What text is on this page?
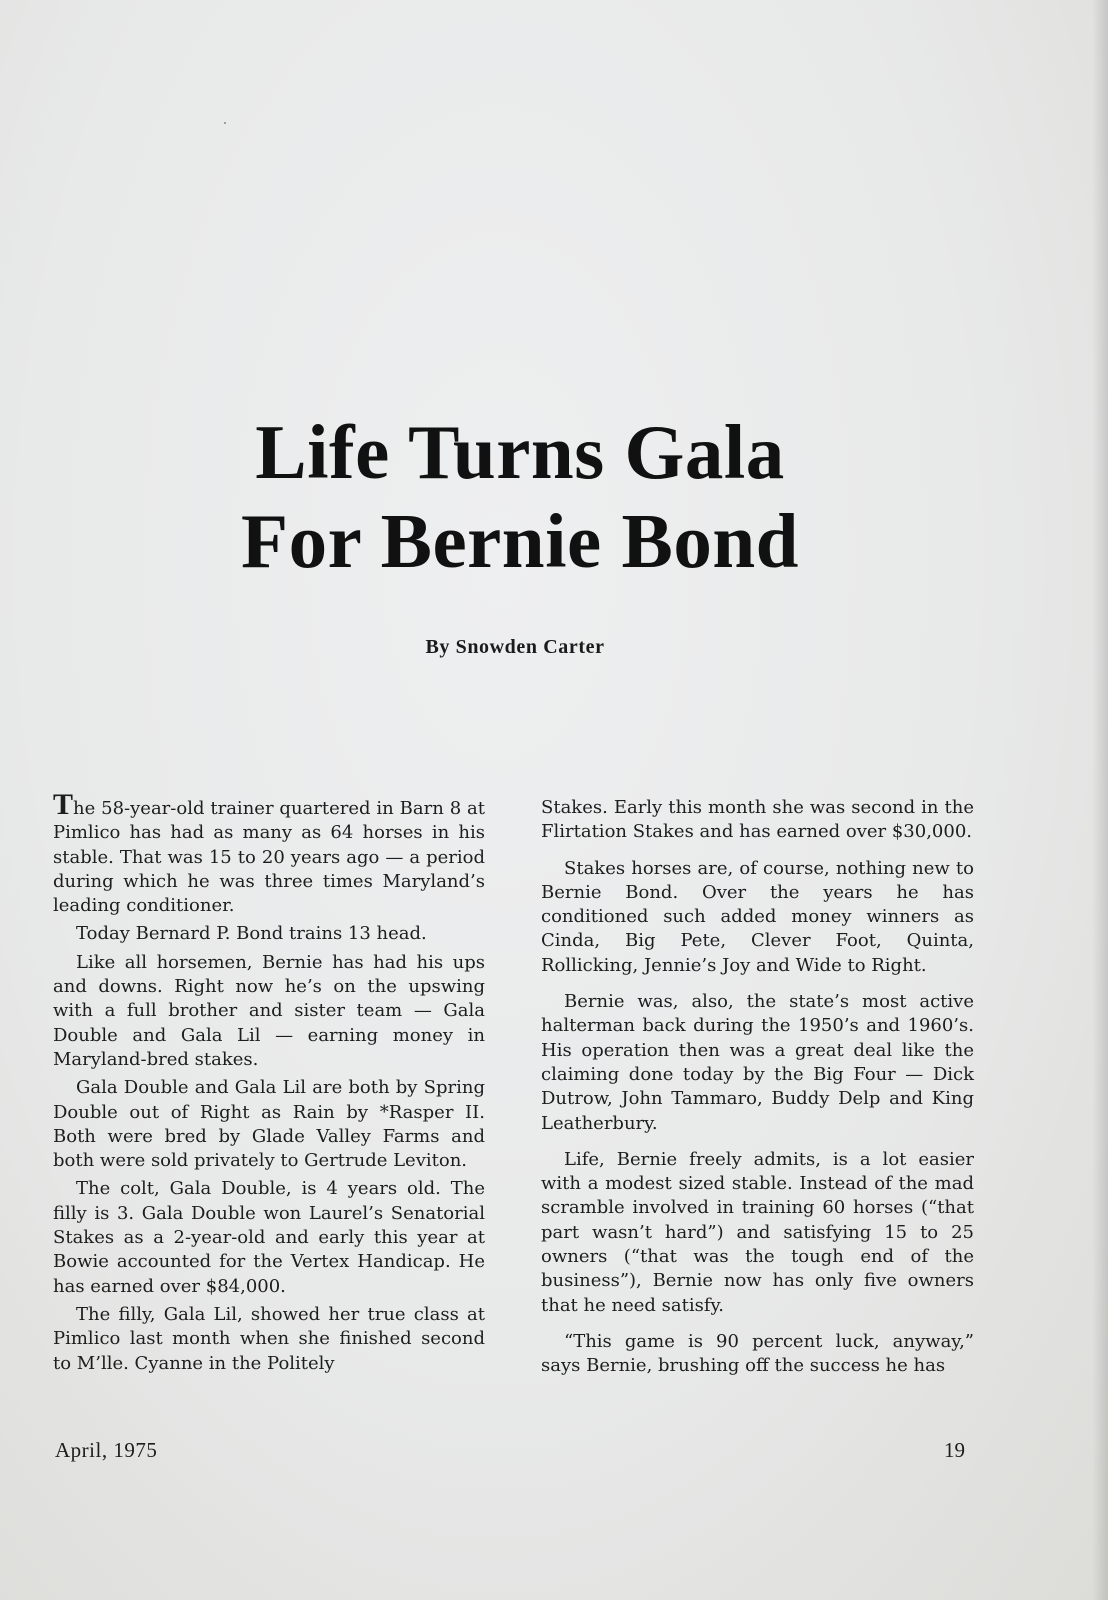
Life Turns Gala
For Bernie Bond

By Snowden Carter

The 58-year-old trainer quartered in Barn 8 at Pimlico has had as many as 64 horses in his stable. That was 15 to 20 years ago — a period during which he was three times Maryland’s leading conditioner.

Today Bernard P. Bond trains 13 head.

Like all horsemen, Bernie has had his ups and downs. Right now he’s on the upswing with a full brother and sister team — Gala Double and Gala Lil — earning money in Maryland-bred stakes.

Gala Double and Gala Lil are both by Spring Double out of Right as Rain by *Rasper II. Both were bred by Glade Valley Farms and both were sold privately to Gertrude Leviton.

The colt, Gala Double, is 4 years old. The filly is 3. Gala Double won Laurel’s Senatorial Stakes as a 2-year-old and early this year at Bowie accounted for the Vertex Handicap. He has earned over $84,000.

The filly, Gala Lil, showed her true class at Pimlico last month when she finished second to M’lle. Cyanne in the Politely

Stakes. Early this month she was second in the Flirtation Stakes and has earned over $30,000.

Stakes horses are, of course, nothing new to Bernie Bond. Over the years he has conditioned such added money winners as Cinda, Big Pete, Clever Foot, Quinta, Rollicking, Jennie’s Joy and Wide to Right.

Bernie was, also, the state’s most active halterman back during the 1950’s and 1960’s. His operation then was a great deal like the claiming done today by the Big Four — Dick Dutrow, John Tammaro, Buddy Delp and King Leatherbury.

Life, Bernie freely admits, is a lot easier with a modest sized stable. Instead of the mad scramble involved in training 60 horses (“that part wasn’t hard”) and satisfying 15 to 25 owners (“that was the tough end of the business”), Bernie now has only five owners that he need satisfy.

“This game is 90 percent luck, anyway,” says Bernie, brushing off the success he has

April, 1975	19
